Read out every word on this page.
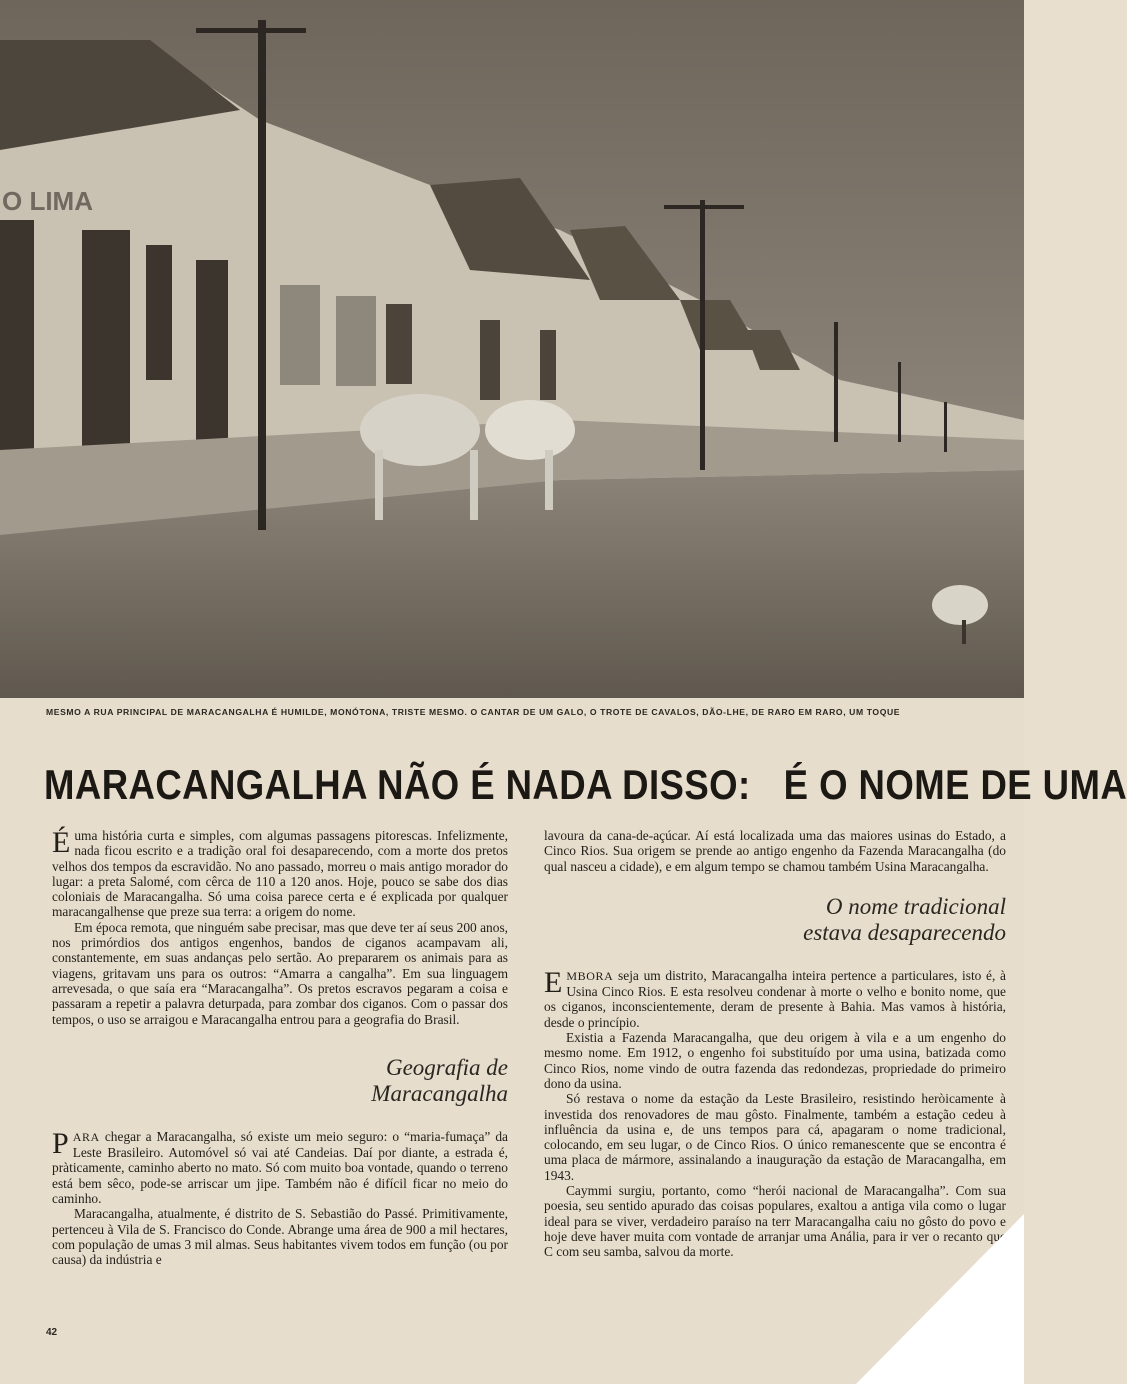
O LIMA
MESMO A RUA PRINCIPAL DE MARACANGALHA É HUMILDE, MONÓTONA, TRISTE MESMO. O CANTAR DE UM GALO, O TROTE DE CAVALOS, DÃO-LHE, DE RARO EM RARO, UM TOQUE
MARACANGALHA NÃO É NADA DISSO: É O NOME DE UMA

É uma história curta e simples, com algumas passagens pitorescas. Infelizmente, nada ficou escrito e a tradição oral foi desaparecendo, com a morte dos pretos velhos dos tempos da escravidão. No ano passado, morreu o mais antigo morador do lugar: a preta Salomé, com cêrca de 110 a 120 anos. Hoje, pouco se sabe dos dias coloniais de Maracangalha. Só uma coisa parece certa e é explicada por qualquer maracangalhense que preze sua terra: a origem do nome.

Em época remota, que ninguém sabe precisar, mas que deve ter aí seus 200 anos, nos primórdios dos antigos engenhos, bandos de ciganos acampavam ali, constantemente, em suas andanças pelo sertão. Ao prepararem os animais para as viagens, gritavam uns para os outros: “Amarra a cangalha”. Em sua linguagem arrevesada, o que saía era “Maracangalha”. Os pretos escravos pegaram a coisa e passaram a repetir a palavra deturpada, para zombar dos ciganos. Com o passar dos tempos, o uso se arraigou e Maracangalha entrou para a geografia do Brasil.

Geografia de
Maracangalha

PARA chegar a Maracangalha, só existe um meio seguro: o “maria-fumaça” da Leste Brasileiro. Automóvel só vai até Candeias. Daí por diante, a estrada é, pràticamente, caminho aberto no mato. Só com muito boa vontade, quando o terreno está bem sêco, pode-se arriscar um jipe. Também não é difícil ficar no meio do caminho.

Maracangalha, atualmente, é distrito de S. Sebastião do Passé. Primitivamente, pertenceu à Vila de S. Francisco do Conde. Abrange uma área de 900 a mil hectares, com população de umas 3 mil almas. Seus habitantes vivem todos em função (ou por causa) da indústria e

lavoura da cana-de-açúcar. Aí está localizada uma das maiores usinas do Estado, a Cinco Rios. Sua origem se prende ao antigo engenho da Fazenda Maracangalha (do qual nasceu a cidade), e em algum tempo se chamou também Usina Maracangalha.

O nome tradicional
estava desaparecendo

EMBORA seja um distrito, Maracangalha inteira pertence a particulares, isto é, à Usina Cinco Rios. E esta resolveu condenar à morte o velho e bonito nome, que os ciganos, inconscientemente, deram de presente à Bahia. Mas vamos à história, desde o princípio.

Existia a Fazenda Maracangalha, que deu origem à vila e a um engenho do mesmo nome. Em 1912, o engenho foi substituído por uma usina, batizada como Cinco Rios, nome vindo de outra fazenda das redondezas, propriedade do primeiro dono da usina.

Só restava o nome da estação da Leste Brasileiro, resistindo heròicamente à investida dos renovadores de mau gôsto. Finalmente, também a estação cedeu à influência da usina e, de uns tempos para cá, apagaram o nome tradicional, colocando, em seu lugar, o de Cinco Rios. O único remanescente que se encontra é uma placa de mármore, assinalando a inauguração da estação de Maracangalha, em 1943.

Caymmi surgiu, portanto, como “herói nacional de Maracangalha”. Com sua poesia, seu sentido apurado das coisas populares, exaltou a antiga vila como o lugar ideal para se viver, verdadeiro paraíso na terr Maracangalha caiu no gôsto do povo e hoje deve haver muita com vontade de arranjar uma Anália, para ir ver o recanto que C com seu samba, salvou da morte.

42
